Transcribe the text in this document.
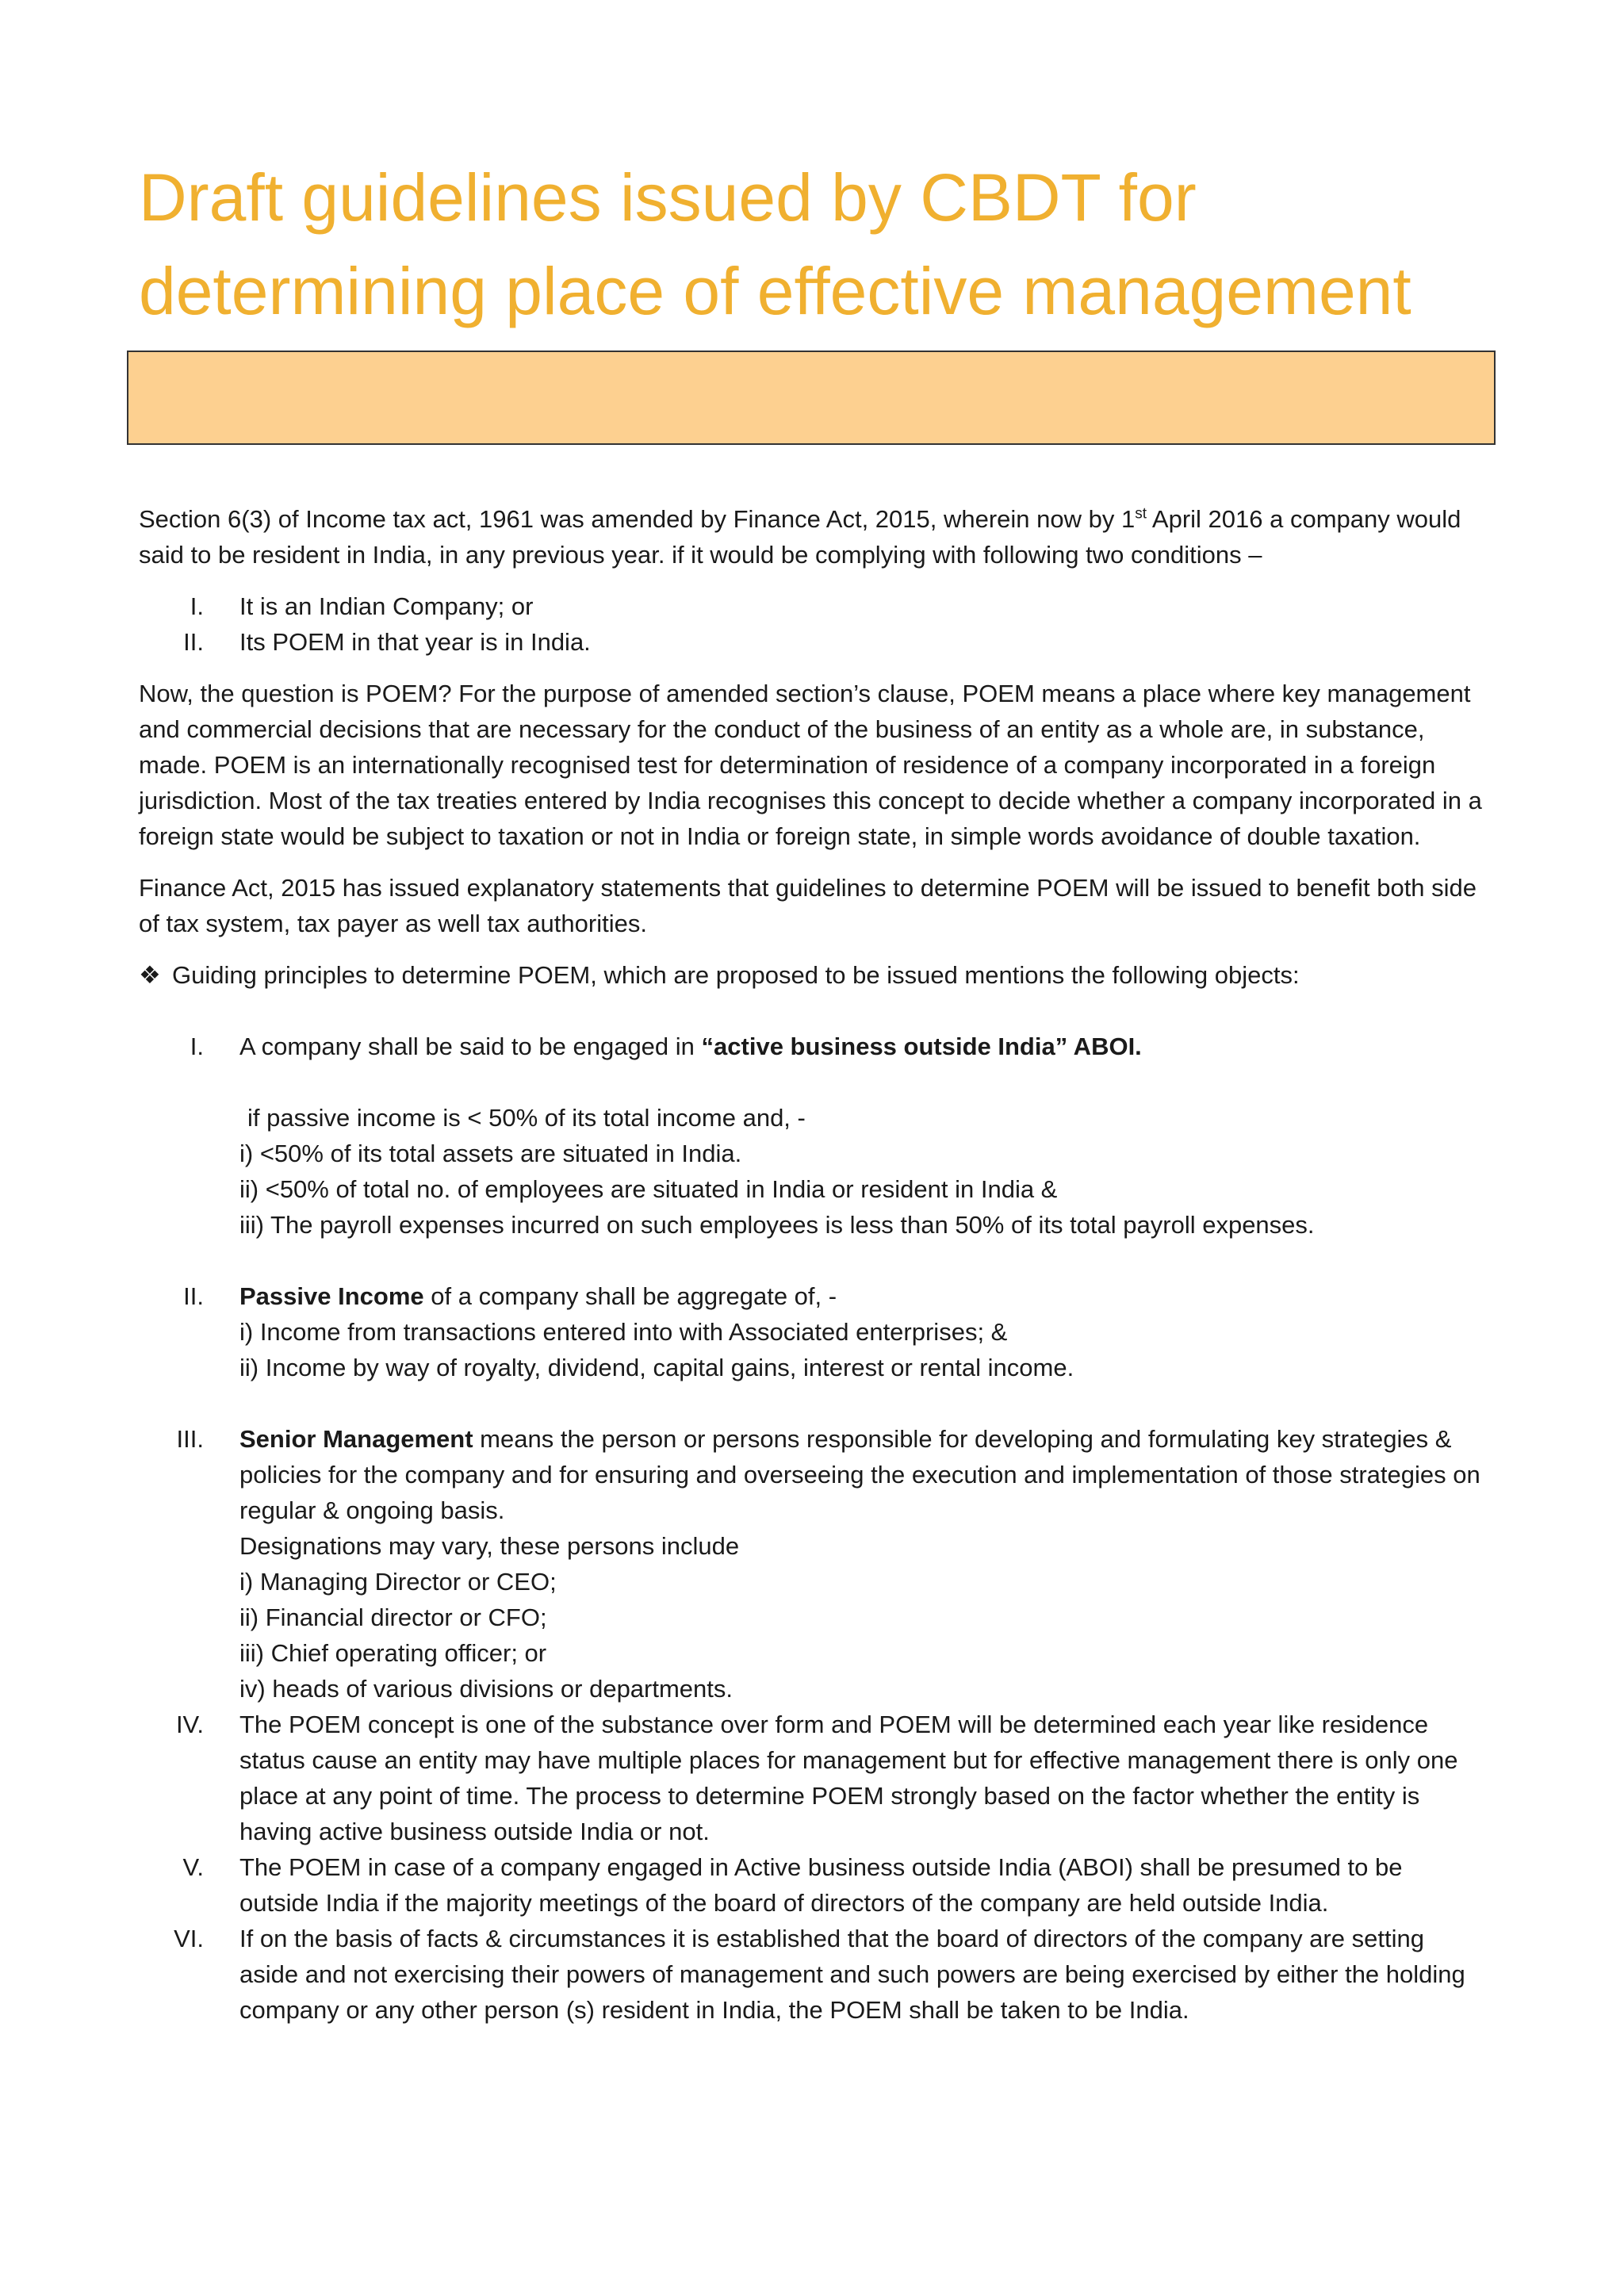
Draft guidelines issued by CBDT for determining place of effective management

Section 6(3) of Income tax act, 1961 was amended by Finance Act, 2015, wherein now by 1st April 2016 a company would said to be resident in India, in any previous year. if it would be complying with following two conditions –

I.	It is an Indian Company; or
II.	Its POEM in that year is in India.

Now, the question is POEM? For the purpose of amended section’s clause, POEM means a place where key management and commercial decisions that are necessary for the conduct of the business of an entity as a whole are, in substance, made. POEM is an internationally recognised test for determination of residence of a company incorporated in a foreign jurisdiction. Most of the tax treaties entered by India recognises this concept to decide whether a company incorporated in a foreign state would be subject to taxation or not in India or foreign state, in simple words avoidance of double taxation.

Finance Act, 2015 has issued explanatory statements that guidelines to determine POEM will be issued to benefit both side of tax system, tax payer as well tax authorities.

❖ Guiding principles to determine POEM, which are proposed to be issued mentions the following objects:
I.	A company shall be said to be engaged in “active business outside India” ABOI.

if passive income is < 50% of its total income and, -

i) <50% of its total assets are situated in India.

ii) <50% of total no. of employees are situated in India or resident in India &

iii) The payroll expenses incurred on such employees is less than 50% of its total payroll expenses.

II.	Passive Income of a company shall be aggregate of, -

i) Income from transactions entered into with Associated enterprises; &

ii) Income by way of royalty, dividend, capital gains, interest or rental income.

III.	Senior Management means the person or persons responsible for developing and formulating key strategies & policies for the company and for ensuring and overseeing the execution and implementation of those strategies on regular & ongoing basis.
Designations may vary, these persons include
i) Managing Director or CEO;
ii) Financial director or CFO;
iii) Chief operating officer; or
iv) heads of various divisions or departments.
IV.	The POEM concept is one of the substance over form and POEM will be determined each year like residence status cause an entity may have multiple places for management but for effective management there is only one place at any point of time. The process to determine POEM strongly based on the factor whether the entity is having active business outside India or not.
V.	The POEM in case of a company engaged in Active business outside India (ABOI) shall be presumed to be outside India if the majority meetings of the board of directors of the company are held outside India.
VI.	If on the basis of facts & circumstances it is established that the board of directors of the company are setting aside and not exercising their powers of management and such powers are being exercised by either the holding company or any other person (s) resident in India, the POEM shall be taken to be India.
